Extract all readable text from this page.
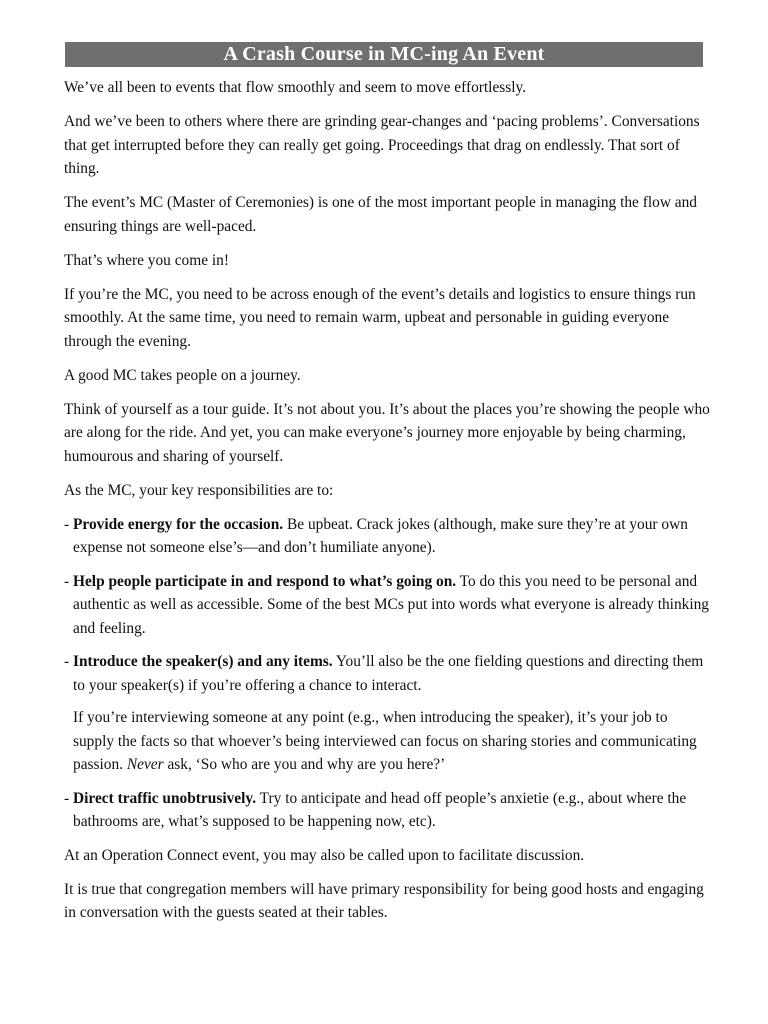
A Crash Course in MC-ing An Event

We’ve all been to events that flow smoothly and seem to move effortlessly.

And we’ve been to others where there are grinding gear-changes and ‘pacing problems’. Conversations that get interrupted before they can really get going. Proceedings that drag on endlessly. That sort of thing.

The event’s MC (Master of Ceremonies) is one of the most important people in managing the flow and ensuring things are well-paced.

That’s where you come in!

If you’re the MC, you need to be across enough of the event’s details and logistics to ensure things run smoothly. At the same time, you need to remain warm, upbeat and personable in guiding everyone through the evening.

A good MC takes people on a journey.

Think of yourself as a tour guide. It’s not about you. It’s about the places you’re showing the people who are along for the ride. And yet, you can make everyone’s journey more enjoyable by being charming, humourous and sharing of yourself.

As the MC, your key responsibilities are to:

- Provide energy for the occasion. Be upbeat. Crack jokes (although, make sure they’re at your own expense not someone else’s—and don’t humiliate anyone).
- Help people participate in and respond to what’s going on. To do this you need to be personal and authentic as well as accessible. Some of the best MCs put into words what everyone is already thinking and feeling.
- Introduce the speaker(s) and any items. You’ll also be the one fielding questions and directing them to your speaker(s) if you’re offering a chance to interact.

If you’re interviewing someone at any point (e.g., when introducing the speaker), it’s your job to supply the facts so that whoever’s being interviewed can focus on sharing stories and communicating passion. Never ask, ‘So who are you and why are you here?’

- Direct traffic unobtrusively. Try to anticipate and head off people’s anxietie (e.g., about where the bathrooms are, what’s supposed to be happening now, etc).

At an Operation Connect event, you may also be called upon to facilitate discussion.

It is true that congregation members will have primary responsibility for being good hosts and engaging in conversation with the guests seated at their tables.
